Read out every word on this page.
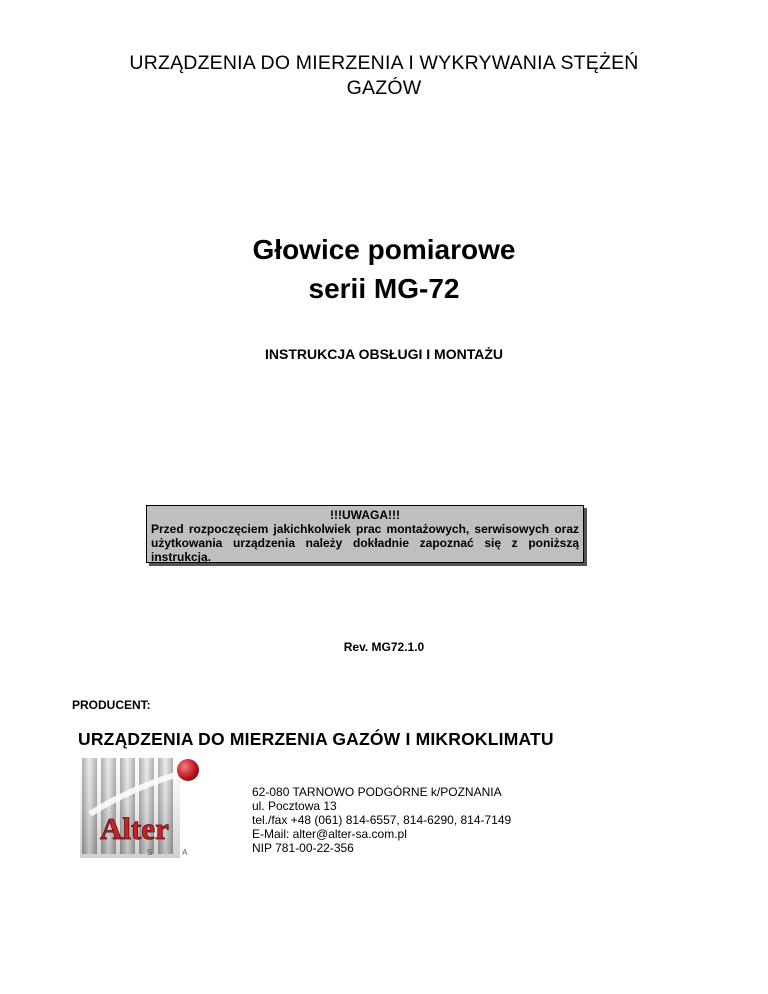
URZĄDZENIA DO MIERZENIA I WYKRYWANIA STĘŻEŃ
GAZÓW
Głowice pomiarowe
serii MG-72
INSTRUKCJA OBSŁUGI I MONTAŻU
!!!UWAGA!!!
Przed rozpoczęciem jakichkolwiek prac montażowych, serwisowych oraz użytkowania urządzenia należy dokładnie zapoznać się z poniższą instrukcją.
Rev. MG72.1.0
PRODUCENT:
URZĄDZENIA DO MIERZENIA GAZÓW I MIKROKLIMATU
Alter
S A
62-080 TARNOWO PODGÓRNE k/POZNANIA
ul. Pocztowa 13
tel./fax +48 (061) 814-6557, 814-6290, 814-7149
E-Mail: alter@alter-sa.com.pl
NIP 781-00-22-356
